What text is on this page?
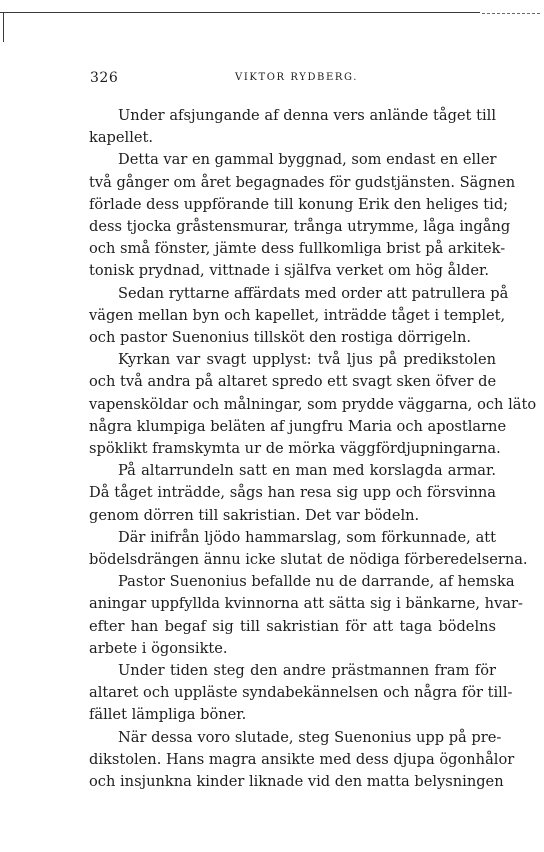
326	VIKTOR RYDBERG.
Under afsjungande af denna vers anlände tåget till
kapellet.
Detta var en gammal byggnad, som endast en eller
två gånger om året begagnades för gudstjänsten. Sägnen
förlade dess uppförande till konung Erik den heliges tid;
dess tjocka gråstensmurar, trånga utrymme, låga ingång
och små fönster, jämte dess fullkomliga brist på arkitek-
tonisk prydnad, vittnade i själfva verket om hög ålder.
Sedan ryttarne affärdats med order att patrullera på
vägen mellan byn och kapellet, inträdde tåget i templet,
och pastor Suenonius tillsköt den rostiga dörrigeln.
Kyrkan var svagt upplyst: två ljus på predikstolen
och två andra på altaret spredo ett svagt sken öfver de
vapensköldar och målningar, som prydde väggarna, och läto
några klumpiga beläten af jungfru Maria och apostlarne
spöklikt framskymta ur de mörka väggfördjupningarna.
På altarrundeln satt en man med korslagda armar.
Då tåget inträdde, sågs han resa sig upp och försvinna
genom dörren till sakristian. Det var bödeln.
Där inifrån ljödo hammarslag, som förkunnade, att
bödelsdrängen ännu icke slutat de nödiga förberedelserna.
Pastor Suenonius befallde nu de darrande, af hemska
aningar uppfyllda kvinnorna att sätta sig i bänkarne, hvar-
efter han begaf sig till sakristian för att taga bödelns
arbete i ögonsikte.
Under tiden steg den andre prästmannen fram för
altaret och uppläste syndabekännelsen och några för till-
fället lämpliga böner.
När dessa voro slutade, steg Suenonius upp på pre-
dikstolen. Hans magra ansikte med dess djupa ögonhålor
och insjunkna kinder liknade vid den matta belysningen
